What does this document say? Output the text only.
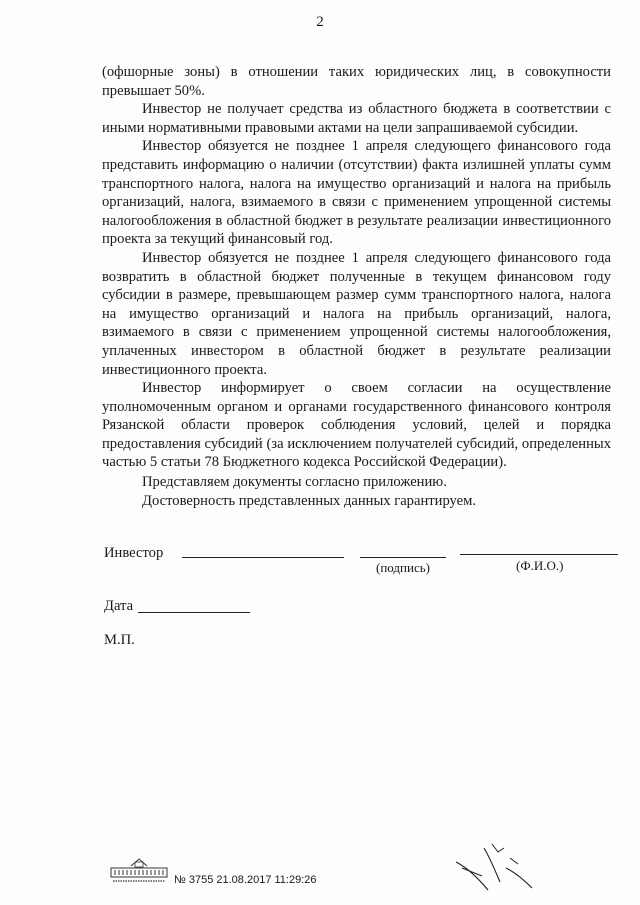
2

(офшорные зоны) в отношении таких юридических лиц, в совокупности превышает 50%.

Инвестор не получает средства из областного бюджета в соответствии с иными нормативными правовыми актами на цели запрашиваемой субсидии.

Инвестор обязуется не позднее 1 апреля следующего финансового года представить информацию о наличии (отсутствии) факта излишней уплаты сумм транспортного налога, налога на имущество организаций и налога на прибыль организаций, налога, взимаемого в связи с применением упрощенной системы налогообложения в областной бюджет в результате реализации инвестиционного проекта за текущий финансовый год.

Инвестор обязуется не позднее 1 апреля следующего финансового года возвратить в областной бюджет полученные в текущем финансовом году субсидии в размере, превышающем размер сумм транспортного налога, налога на имущество организаций и налога на прибыль организаций, налога, взимаемого в связи с применением упрощенной системы налогообложения, уплаченных инвестором в областной бюджет в результате реализации инвестиционного проекта.

Инвестор информирует о своем согласии на осуществление уполномоченным органом и органами государственного финансового контроля Рязанской области проверок соблюдения условий, целей и порядка предоставления субсидий (за исключением получателей субсидий, определенных частью 5 статьи 78 Бюджетного кодекса Российской Федерации).

Представляем документы согласно приложению.

Достоверность представленных данных гарантируем.

Инвестор
(подпись)	(Ф.И.О.)
Дата
М.П.
№ 3755 21.08.2017 11:29:26
